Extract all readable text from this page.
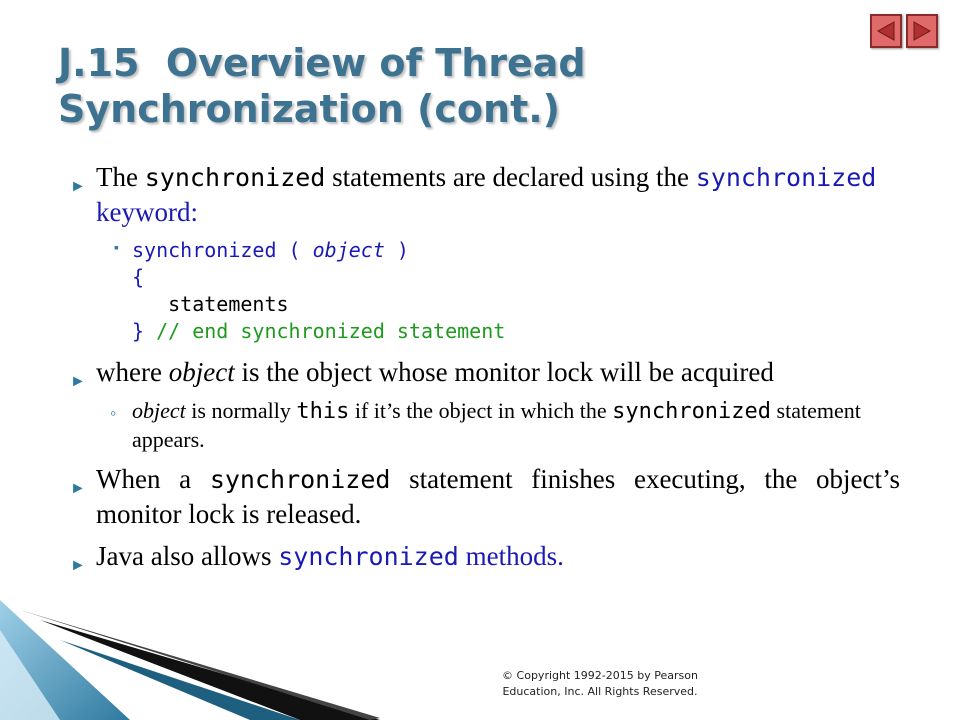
J.15  Overview of Thread
Synchronization (cont.)
► The synchronized statements are declared using the synchronized keyword:
▪ synchronized ( object )
{
statements
} // end synchronized statement
► where object is the object whose monitor lock will be acquired
◦ object is normally this if it’s the object in which the synchronized statement appears.
► When a synchronized statement finishes executing, the object’s monitor lock is released.
► Java also allows synchronized methods.
© Copyright 1992-2015 by Pearson
Education, Inc. All Rights Reserved.
